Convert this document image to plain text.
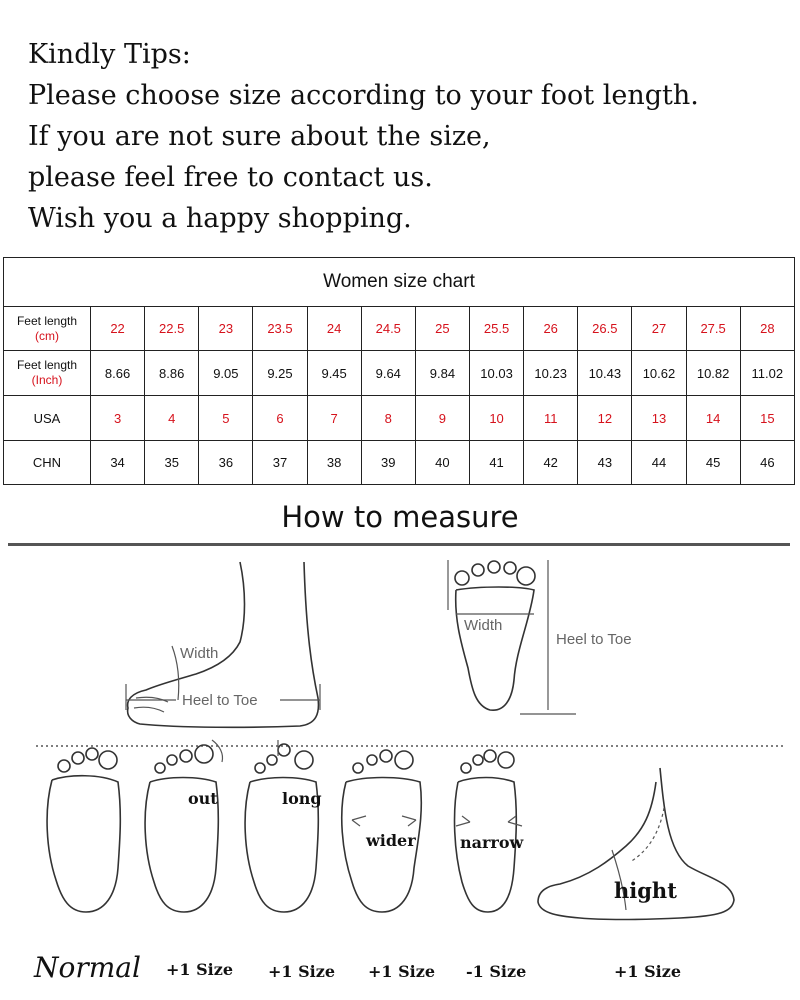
Kindly Tips:
Please choose size according to your foot length.
If you are not sure about the size,
please feel free to contact us.
Wish you a happy shopping.
Women size chart													
Feet length
(cm)	22	22.5	23	23.5	24	24.5	25	25.5	26	26.5	27	27.5	28
Feet length
(Inch)	8.66	8.86	9.05	9.25	9.45	9.64	9.84	10.03	10.23	10.43	10.62	10.82	11.02
USA	3	4	5	6	7	8	9	10	11	12	13	14	15
CHN	34	35	36	37	38	39	40	41	42	43	44	45	46
How to measure
Width
Heel to Toe
Width
Heel to Toe
Normal
out
+1 Size
long
+1 Size
wider
+1 Size
narrow
-1 Size
hight
+1 Size
